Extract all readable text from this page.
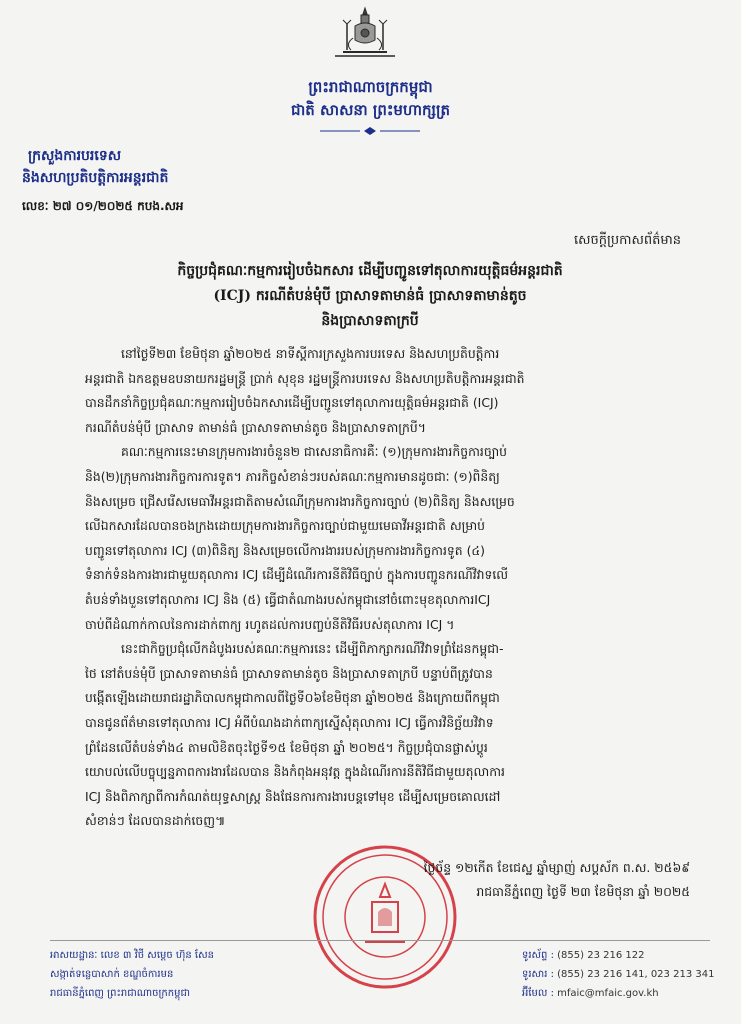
ព្រះរាជាណាចក្រកម្ពុជា
ជាតិ សាសនា ព្រះមហាក្សត្រ
ក្រសួងការបរទេស
និងសហប្រតិបត្តិការអន្តរជាតិ
លេខៈ ២៧ ០១/២០២៥ កបង.សអ
សេចក្ដីប្រកាសព័ត៌មាន
កិច្ចប្រជុំគណៈកម្មការរៀបចំឯកសារ ដើម្បីបញ្ជូនទៅតុលាការយុត្តិធម៌អន្តរជាតិ
(ICJ) ករណីតំបន់មុំបី ប្រាសាទតាមាន់ធំ ប្រាសាទតាមាន់តូច
និងប្រាសាទតាក្របី
នៅថ្ងៃទី២៣ ខែមិថុនា ឆ្នាំ២០២៥ នាទីស្ដីការក្រសួងការបរទេស និងសហប្រតិបត្តិការ
អន្តរជាតិ ឯកឧត្តមឧបនាយករដ្ឋមន្ត្រី ប្រាក់ សុខុន រដ្ឋមន្ត្រីការបរទេស និងសហប្រតិបត្តិការអន្តរជាតិ
បានដឹកនាំកិច្ចប្រជុំគណៈកម្មការរៀបចំឯកសារដើម្បីបញ្ជូនទៅតុលាការយុត្តិធម៌អន្តរជាតិ (ICJ)
ករណីតំបន់មុំបី ប្រាសាទ តាមាន់ធំ ប្រាសាទតាមាន់តូច និងប្រាសាទតាក្របី។
គណៈកម្មការនេះមានក្រុមការងារចំនួន២ ជាសេនាធិការគឺៈ (១)ក្រុមការងារកិច្ចការច្បាប់
និង(២)ក្រុមការងារកិច្ចការការទូត។ ភារកិច្ចសំខាន់ៗរបស់គណៈកម្មការមានដូចជាៈ (១)ពិនិត្យ
និងសម្រេច ជ្រើសរើសមេធាវីអន្តរជាតិតាមសំណើក្រុមការងារកិច្ចការច្បាប់ (២)ពិនិត្យ និងសម្រេច
លើឯកសារដែលបានចងក្រងដោយក្រុមការងារកិច្ចការច្បាប់ជាមួយមេធាវីអន្តរជាតិ សម្រាប់
បញ្ជូនទៅតុលាការ ICJ (៣)ពិនិត្យ និងសម្រេចលើការងាររបស់ក្រុមការងារកិច្ចការទូត (៤)
ទំនាក់ទំនងការងារជាមួយតុលាការ ICJ ដើម្បីដំណើរការនីតិវិធីច្បាប់ ក្នុងការបញ្ជូនករណីវិវាទលើ
តំបន់ទាំងបួនទៅតុលាការ ICJ និង (៥) ធ្វើជាតំណាងរបស់កម្ពុជានៅចំពោះមុខតុលាការICJ
ចាប់ពីដំណាក់កាលនៃការដាក់ពាក្យ រហូតដល់ការបញ្ចប់នីតិវិធីរបស់តុលាការ ICJ ។
នេះជាកិច្ចប្រជុំលើកដំបូងរបស់គណៈកម្មការនេះ ដើម្បីពិភាក្សាករណីវិវាទព្រំដែនកម្ពុជា-
ថៃ នៅតំបន់មុំបី ប្រាសាទតាមាន់ធំ ប្រាសាទតាមាន់តូច និងប្រាសាទតាក្របី បន្ទាប់ពីត្រូវបាន
បង្កើតឡើងដោយរាជរដ្ឋាភិបាលកម្ពុជាកាលពីថ្ងៃទី០៦ខែមិថុនា ឆ្នាំ២០២៥ និងក្រោយពីកម្ពុជា
បានជូនព័ត៌មានទៅតុលាការ ICJ អំពីបំណងដាក់ពាក្យស្នើសុំតុលាការ ICJ ធ្វើការវិនិច្ឆ័យវិវាទ
ព្រំដែនលើតំបន់ទាំង៤ តាមលិខិតចុះថ្ងៃទី១៥ ខែមិថុនា ឆ្នាំ ២០២៥។ កិច្ចប្រជុំបានផ្លាស់ប្ដូរ
យោបល់លើបច្ចុប្បន្នភាពការងារដែលបាន និងកំពុងអនុវត្ត ក្នុងដំណើរការនីតិវិធីជាមួយតុលាការ
ICJ និងពិភាក្សាពីការកំណត់យុទ្ធសាស្ត្រ និងផែនការការងារបន្តទៅមុខ ដើម្បីសម្រេចគោលដៅ
សំខាន់ៗ ដែលបានដាក់ចេញ៕
ថ្ងៃច័ន្ទ ១២កើត ខែជេស្ឋ ឆ្នាំម្សាញ់ សប្តស័ក ព.ស. ២៥៦៩
រាជធានីភ្នំពេញ ថ្ងៃទី ២៣ ខែមិថុនា ឆ្នាំ ២០២៥
អាសយដ្ឋានៈ លេខ ៣ វិថី សម្តេច ហ៊ុន សែន
សង្កាត់ទន្លេបាសាក់ ខណ្ឌចំការមន
រាជធានីភ្នំពេញ ព្រះរាជាណាចក្រកម្ពុជា
ទូរស័ព្ទ : (855) 23 216 122
ទូរសារ : (855) 23 216 141, 023 213 341
អ៊ីមែល : mfaic@mfaic.gov.kh
